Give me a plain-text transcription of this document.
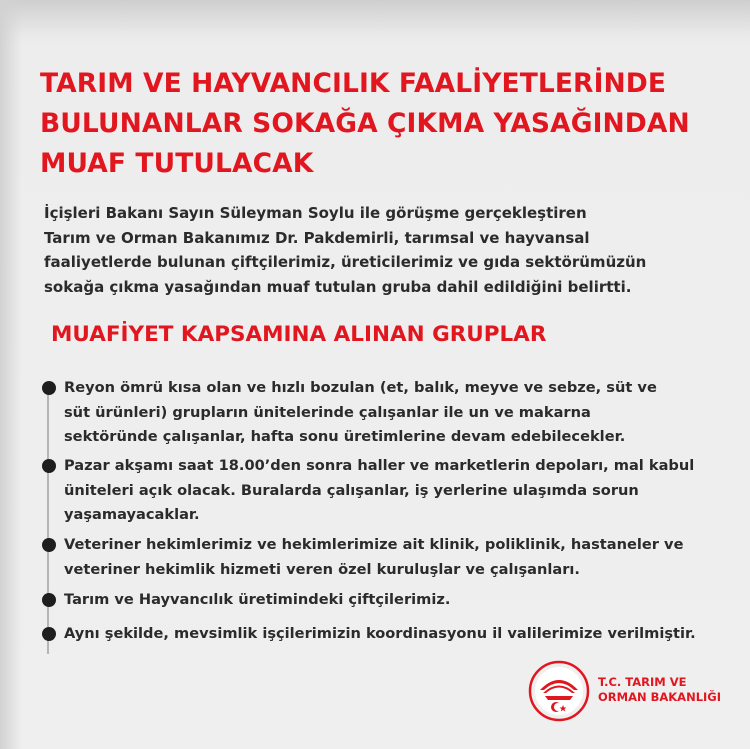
TARIM VE HAYVANCILIK FAALİYETLERİNDE
BULUNANLAR SOKAĞA ÇIKMA YASAĞINDAN
MUAF TUTULACAK
İçişleri Bakanı Sayın Süleyman Soylu ile görüşme gerçekleştiren
Tarım ve Orman Bakanımız Dr. Pakdemirli, tarımsal ve hayvansal
faaliyetlerde bulunan çiftçilerimiz, üreticilerimiz ve gıda sektörümüzün
sokağa çıkma yasağından muaf tutulan gruba dahil edildiğini belirtti.
MUAFİYET KAPSAMINA ALINAN GRUPLAR
Reyon ömrü kısa olan ve hızlı bozulan (et, balık, meyve ve sebze, süt ve
süt ürünleri) grupların ünitelerinde çalışanlar ile un ve makarna
sektöründe çalışanlar, hafta sonu üretimlerine devam edebilecekler.
Pazar akşamı saat 18.00’den sonra haller ve marketlerin depoları, mal kabul
üniteleri açık olacak. Buralarda çalışanlar, iş yerlerine ulaşımda sorun
yaşamayacaklar.
Veteriner hekimlerimiz ve hekimlerimize ait klinik, poliklinik, hastaneler ve
veteriner hekimlik hizmeti veren özel kuruluşlar ve çalışanları.
Tarım ve Hayvancılık üretimindeki çiftçilerimiz.
Aynı şekilde, mevsimlik işçilerimizin koordinasyonu il valilerimize verilmiştir.
T.C. TARIM VE
ORMAN BAKANLIĞI
